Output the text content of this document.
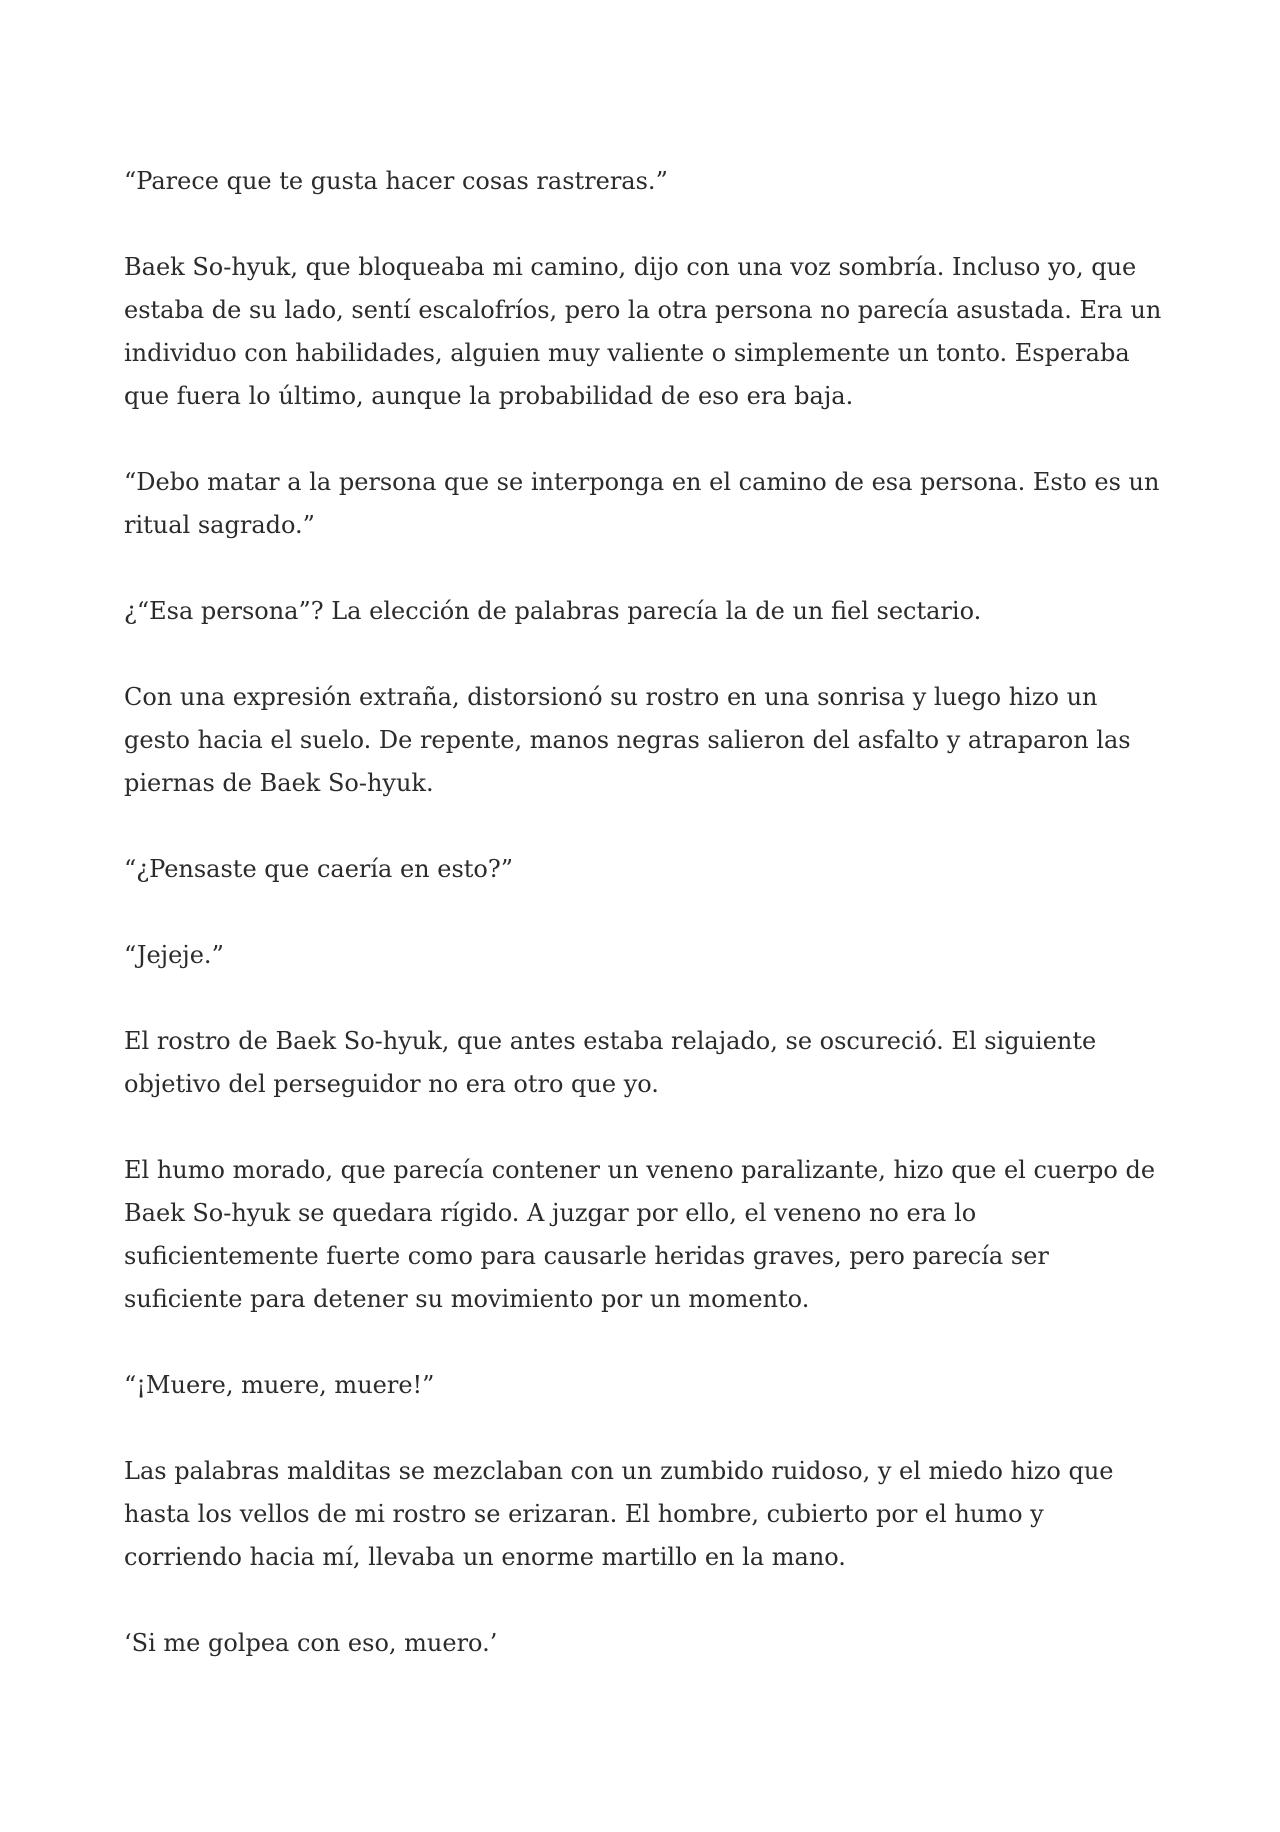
“Parece que te gusta hacer cosas rastreras.”

Baek So-hyuk, que bloqueaba mi camino, dijo con una voz sombría. Incluso yo, que estaba de su lado, sentí escalofríos, pero la otra persona no parecía asustada. Era un individuo con habilidades, alguien muy valiente o simplemente un tonto. Esperaba que fuera lo último, aunque la probabilidad de eso era baja.

“Debo matar a la persona que se interponga en el camino de esa persona. Esto es un ritual sagrado.”

¿“Esa persona”? La elección de palabras parecía la de un fiel sectario.

Con una expresión extraña, distorsionó su rostro en una sonrisa y luego hizo un gesto hacia el suelo. De repente, manos negras salieron del asfalto y atraparon las piernas de Baek So-hyuk.

“¿Pensaste que caería en esto?”

“Jejeje.”

El rostro de Baek So-hyuk, que antes estaba relajado, se oscureció. El siguiente objetivo del perseguidor no era otro que yo.

El humo morado, que parecía contener un veneno paralizante, hizo que el cuerpo de Baek So-hyuk se quedara rígido. A juzgar por ello, el veneno no era lo suficientemente fuerte como para causarle heridas graves, pero parecía ser suficiente para detener su movimiento por un momento.

“¡Muere, muere, muere!”

Las palabras malditas se mezclaban con un zumbido ruidoso, y el miedo hizo que hasta los vellos de mi rostro se erizaran. El hombre, cubierto por el humo y corriendo hacia mí, llevaba un enorme martillo en la mano.

‘Si me golpea con eso, muero.’
